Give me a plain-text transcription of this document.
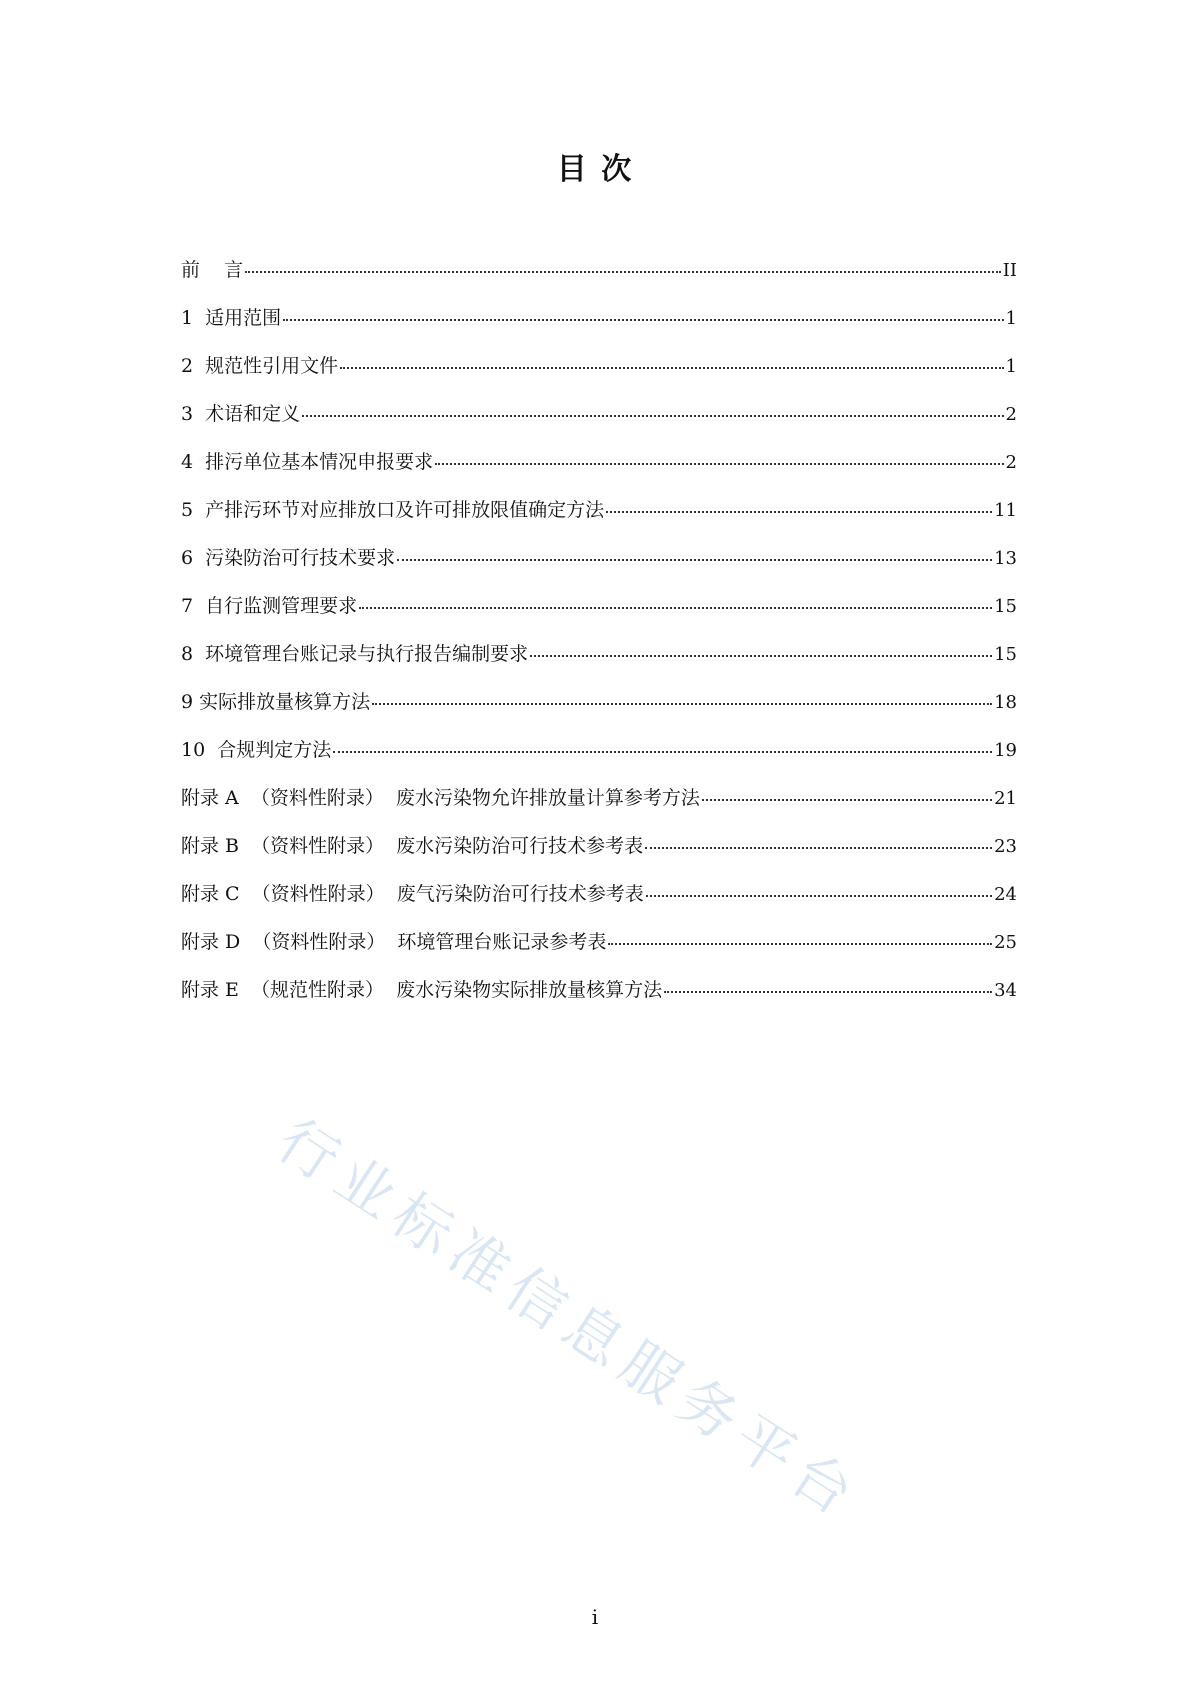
目 次
前    言	II
1  适用范围	1
2  规范性引用文件	1
3  术语和定义	2
4  排污单位基本情况申报要求	2
5  产排污环节对应排放口及许可排放限值确定方法	11
6  污染防治可行技术要求	13
7  自行监测管理要求	15
8  环境管理台账记录与执行报告编制要求	15
9 实际排放量核算方法	18
10  合规判定方法	19
附录 A  （资料性附录）  废水污染物允许排放量计算参考方法	21
附录 B  （资料性附录）  废水污染防治可行技术参考表	23
附录 C  （资料性附录）  废气污染防治可行技术参考表	24
附录 D  （资料性附录）  环境管理台账记录参考表	25
附录 E  （规范性附录）  废水污染物实际排放量核算方法	34
行业标准信息服务平台
i
